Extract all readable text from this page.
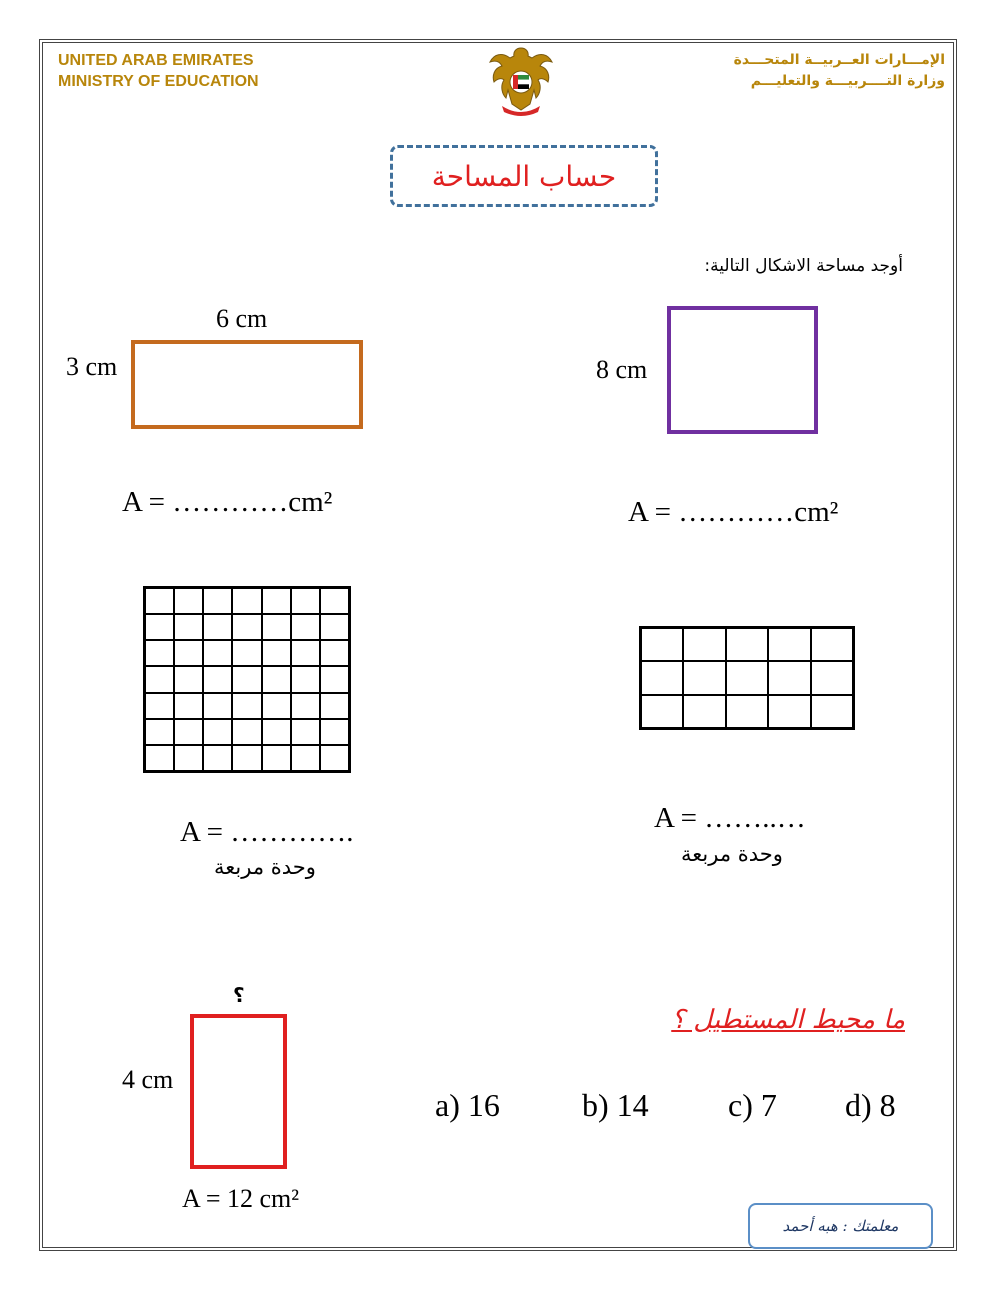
UNITED ARAB EMIRATES
MINISTRY OF EDUCATION
الإمـــارات العــربيــة المتحـــدة
وزارة التــــربيـــة والتعليـــم
حساب المساحة
أوجد مساحة الاشكال التالية:
6 cm
3 cm
A = …………cm²
8 cm
A = …………cm²
A = ………….
وحدة مربعة
A = ……..…
وحدة مربعة
؟
4 cm
A = 12 cm²
ما محيط المستطيل ؟
a) 16	b) 14 c) 7 d) 8
معلمتك : هبه أحمد
